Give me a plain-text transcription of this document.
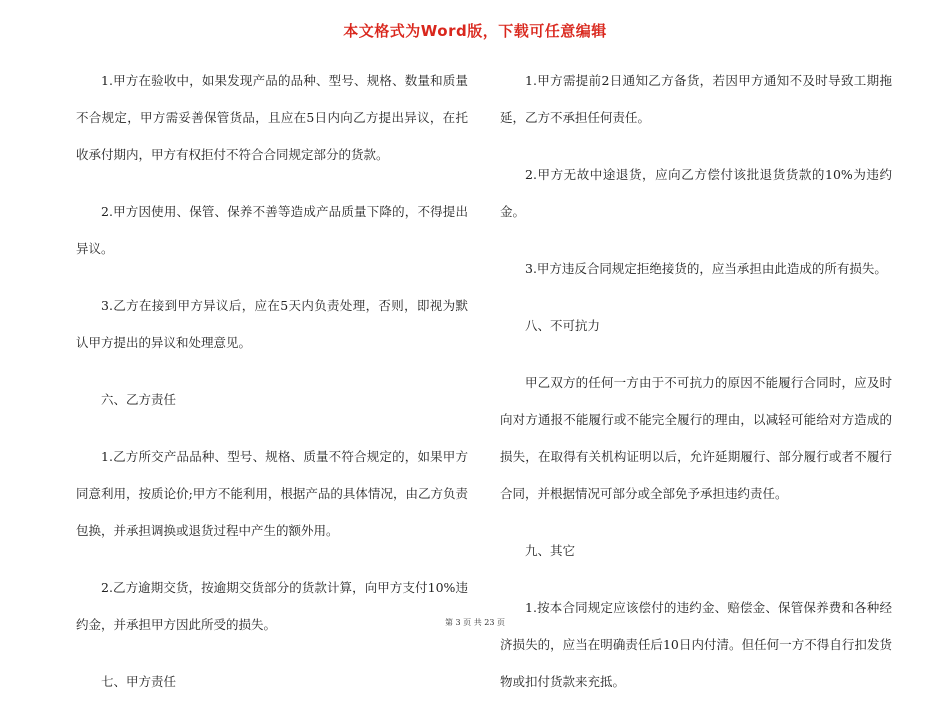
本文格式为Word版，下载可任意编辑

1.甲方在验收中，如果发现产品的品种、型号、规格、数量和质量不合规定，甲方需妥善保管货品，且应在5日内向乙方提出异议，在托收承付期内，甲方有权拒付不符合合同规定部分的货款。

2.甲方因使用、保管、保养不善等造成产品质量下降的，不得提出异议。

3.乙方在接到甲方异议后，应在5天内负责处理，否则，即视为默认甲方提出的异议和处理意见。

六、乙方责任

1.乙方所交产品品种、型号、规格、质量不符合规定的，如果甲方同意利用，按质论价;甲方不能利用，根据产品的具体情况，由乙方负责包换，并承担调换或退货过程中产生的额外用。

2.乙方逾期交货，按逾期交货部分的货款计算，向甲方支付10%违约金，并承担甲方因此所受的损失。

七、甲方责任

1.甲方需提前2日通知乙方备货，若因甲方通知不及时导致工期拖延，乙方不承担任何责任。

2.甲方无故中途退货，应向乙方偿付该批退货货款的10%为违约金。

3.甲方违反合同规定拒绝接货的，应当承担由此造成的所有损失。

八、不可抗力

甲乙双方的任何一方由于不可抗力的原因不能履行合同时，应及时向对方通报不能履行或不能完全履行的理由，以减轻可能给对方造成的损失，在取得有关机构证明以后，允许延期履行、部分履行或者不履行合同，并根据情况可部分或全部免予承担违约责任。

九、其它

1.按本合同规定应该偿付的违约金、赔偿金、保管保养费和各种经济损失的，应当在明确责任后10日内付清。但任何一方不得自行扣发货物或扣付货款来充抵。

第 3 页 共 23 页
